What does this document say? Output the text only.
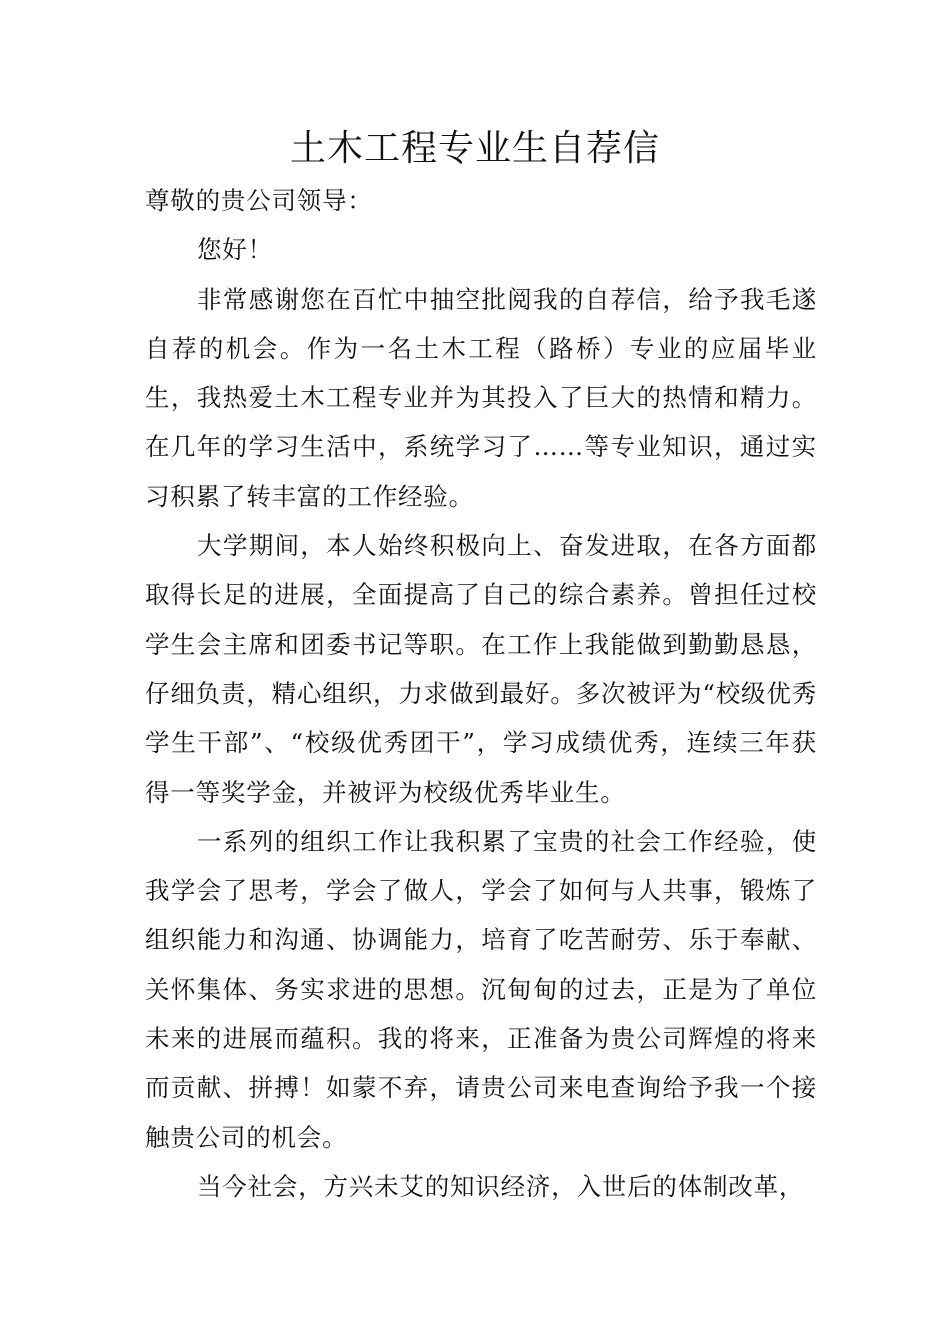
土木工程专业生自荐信

尊敬的贵公司领导：

您好！

非常感谢您在百忙中抽空批阅我的自荐信，给予我毛遂自荐的机会。作为一名土木工程（路桥）专业的应届毕业生，我热爱土木工程专业并为其投入了巨大的热情和精力。在几年的学习生活中，系统学习了……等专业知识，通过实习积累了转丰富的工作经验。

大学期间，本人始终积极向上、奋发进取，在各方面都取得长足的进展，全面提高了自己的综合素养。曾担任过校学生会主席和团委书记等职。在工作上我能做到勤勤恳恳，仔细负责，精心组织，力求做到最好。多次被评为“校级优秀学生干部”、“校级优秀团干”，学习成绩优秀，连续三年获得一等奖学金，并被评为校级优秀毕业生。

一系列的组织工作让我积累了宝贵的社会工作经验，使我学会了思考，学会了做人，学会了如何与人共事，锻炼了组织能力和沟通、协调能力，培育了吃苦耐劳、乐于奉献、关怀集体、务实求进的思想。沉甸甸的过去，正是为了单位未来的进展而蕴积。我的将来，正准备为贵公司辉煌的将来而贡献、拼搏！如蒙不弃，请贵公司来电查询给予我一个接触贵公司的机会。

当今社会，方兴未艾的知识经济，入世后的体制改革，
